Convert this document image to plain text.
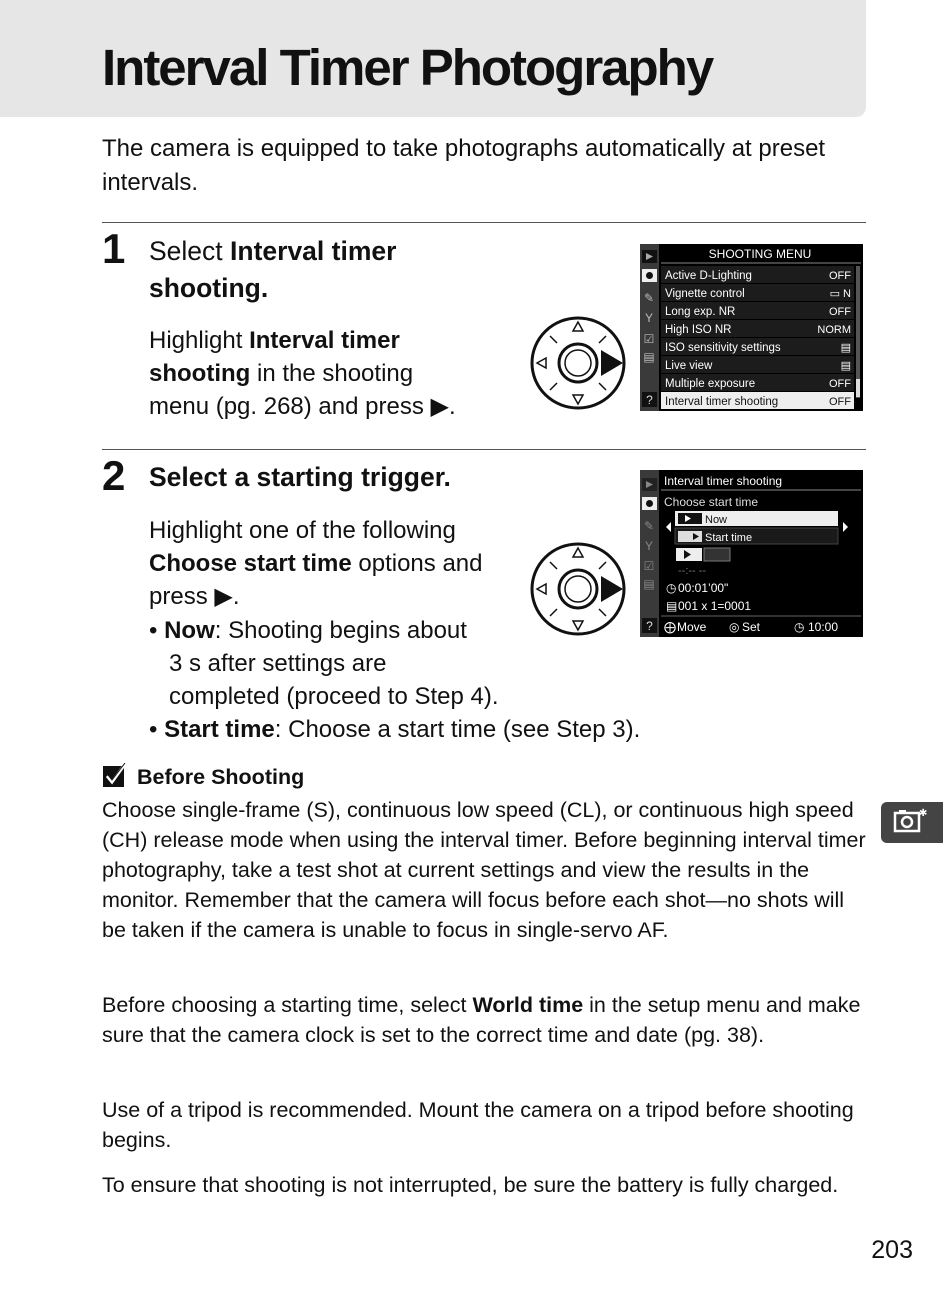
Interval Timer Photography

The camera is equipped to take photographs automatically at preset intervals.

1 Select Interval timer shooting.

Highlight Interval timer shooting in the shooting menu (pg. 268) and press ▶.

✎
Y
☑
▤
?
SHOOTING MENU
Active D-Lighting	OFF
Vignette control	▭ N
Long exp. NR	OFF
High ISO NR	NORM
ISO sensitivity settings	▤
Live view	▤
Multiple exposure	OFF
Interval timer shooting	OFF
2 Select a starting trigger.

Highlight one of the following
Choose start time options and
press ▶.

• Now: Shooting begins about
3 s after settings are
completed (proceed to Step 4).
• Start time: Choose a start time (see Step 3).
✎
Y
☑
▤
?
Interval timer shooting
Choose start time
Now
Start time
--:-- --
◷ 00:01’00"
▤ 001 x 1=0001
⨁ Move ◎ Set	◷ 10:00
Before Shooting

Choose single-frame (S), continuous low speed (CL), or continuous high speed (CH) release mode when using the interval timer. Before beginning interval timer photography, take a test shot at current settings and view the results in the monitor. Remember that the camera will focus before each shot—no shots will be taken if the camera is unable to focus in single-servo AF.

Before choosing a starting time, select World time in the setup menu and make sure that the camera clock is set to the correct time and date (pg. 38).

Use of a tripod is recommended. Mount the camera on a tripod before shooting begins.

To ensure that shooting is not interrupted, be sure the battery is fully charged.

✱
203
